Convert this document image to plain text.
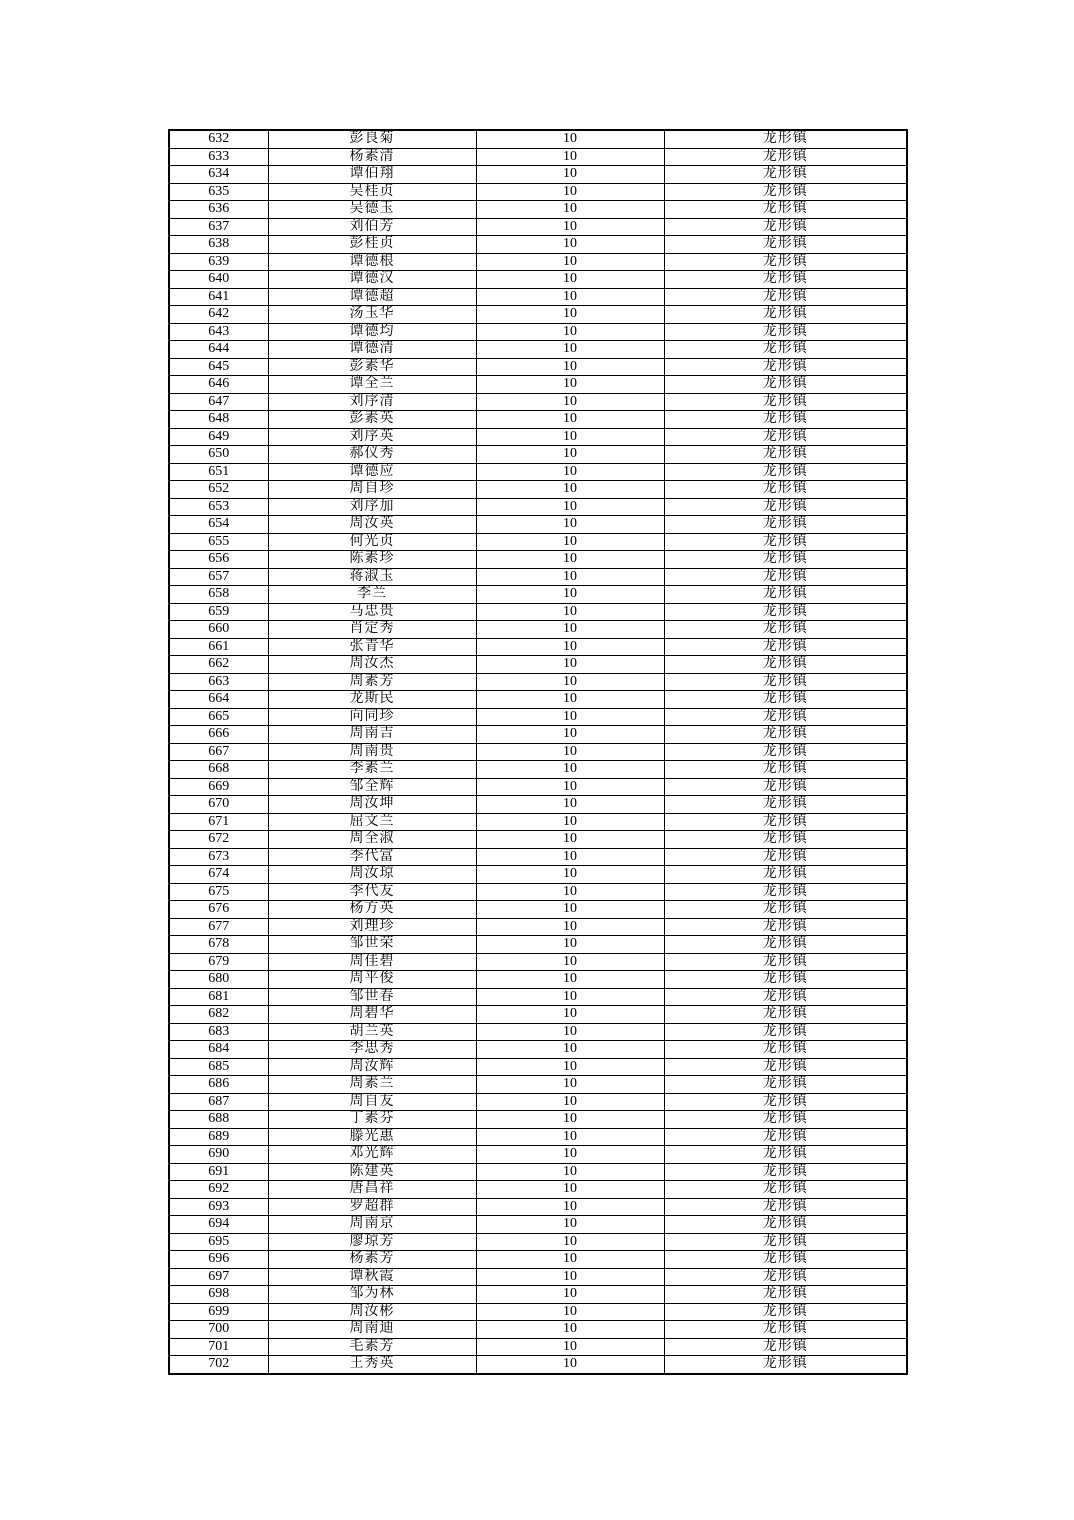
632	彭良菊	10	龙形镇
633	杨素清	10	龙形镇
634	谭伯翔	10	龙形镇
635	吴桂贞	10	龙形镇
636	吴德玉	10	龙形镇
637	刘伯芳	10	龙形镇
638	彭桂贞	10	龙形镇
639	谭德根	10	龙形镇
640	谭德汉	10	龙形镇
641	谭德超	10	龙形镇
642	汤玉华	10	龙形镇
643	谭德均	10	龙形镇
644	谭德清	10	龙形镇
645	彭素华	10	龙形镇
646	谭全兰	10	龙形镇
647	刘序清	10	龙形镇
648	彭素英	10	龙形镇
649	刘序英	10	龙形镇
650	郝仪秀	10	龙形镇
651	谭德应	10	龙形镇
652	周自珍	10	龙形镇
653	刘序加	10	龙形镇
654	周汝英	10	龙形镇
655	何光贞	10	龙形镇
656	陈素珍	10	龙形镇
657	蒋淑玉	10	龙形镇
658	李兰	10	龙形镇
659	马忠贵	10	龙形镇
660	肖定秀	10	龙形镇
661	张青华	10	龙形镇
662	周汝杰	10	龙形镇
663	周素芳	10	龙形镇
664	龙斯民	10	龙形镇
665	向同珍	10	龙形镇
666	周南吉	10	龙形镇
667	周南贵	10	龙形镇
668	李素兰	10	龙形镇
669	邹全辉	10	龙形镇
670	周汝坤	10	龙形镇
671	屈文兰	10	龙形镇
672	周全淑	10	龙形镇
673	李代富	10	龙形镇
674	周汝琼	10	龙形镇
675	李代友	10	龙形镇
676	杨方英	10	龙形镇
677	刘理珍	10	龙形镇
678	邹世荣	10	龙形镇
679	周佳碧	10	龙形镇
680	周平俊	10	龙形镇
681	邹世春	10	龙形镇
682	周碧华	10	龙形镇
683	胡兰英	10	龙形镇
684	李思秀	10	龙形镇
685	周汝辉	10	龙形镇
686	周素兰	10	龙形镇
687	周自友	10	龙形镇
688	丁素芬	10	龙形镇
689	滕光惠	10	龙形镇
690	邓光辉	10	龙形镇
691	陈建英	10	龙形镇
692	唐昌祥	10	龙形镇
693	罗超群	10	龙形镇
694	周南京	10	龙形镇
695	廖琼芳	10	龙形镇
696	杨素芳	10	龙形镇
697	谭秋霞	10	龙形镇
698	邹为林	10	龙形镇
699	周汝彬	10	龙形镇
700	周南迪	10	龙形镇
701	毛素芳	10	龙形镇
702	王秀英	10	龙形镇
